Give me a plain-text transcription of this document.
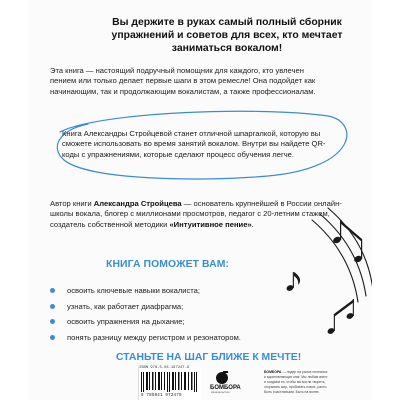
Вы держите в руках самый полный сборник упражнений и советов для всех, кто мечтает заниматься вокалом!

Эта книга — настоящий подручный помощник для каждого, кто увлечен пением или только делает первые шаги в этом ремесле! Она подойдет как начинающим, так и продолжающим вокалистам, а также профессионалам.

Книга Александры Стройцевой станет отличной шпаргалкой, которую вы сможете использовать во время занятий вокалом. Внутри вы найдете QR-коды с упражнениями, которые сделают процесс обучения легче.

Автор книги Александра Стройцева — основатель крупнейшей в России онлайн-школы вокала, блогер с миллионами просмотров, педагог с 20-летним стажем, создатель собственной методики «Интуитивное пение».

КНИГА ПОМОЖЕТ ВАМ:

освоить ключевые навыки вокалиста;
узнать, как работает диафрагма;
освоить упражнения на дыхание;
понять разницу между регистром и резонатором.

СТАНЬТЕ НА ШАГ БЛИЖЕ К МЕЧТЕ!

ISBN 978-5-04-197247-9
9 785041 972479
БОМБОРА
издательство

БОМБОРА — лидер на рынке полезных и вдохновляющих книг. Мы любим книги и создаем их, чтобы вы могли творить, открывать мир, пробовать новое, расти. Быть счастливыми. Быть на волне.
